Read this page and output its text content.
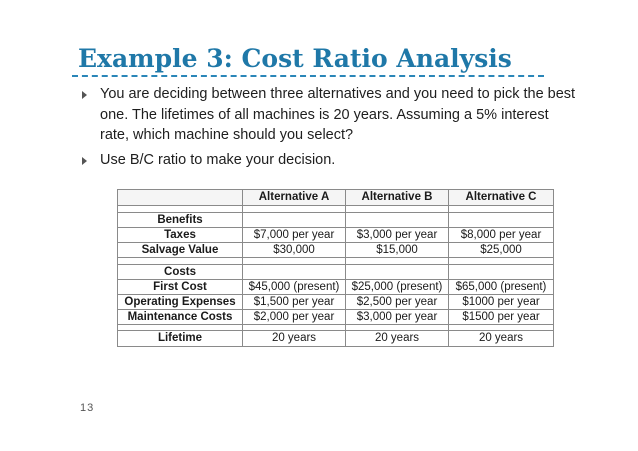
Example 3: Cost Ratio Analysis
You are deciding between three alternatives and you need to pick the best one. The lifetimes of all machines is 20 years. Assuming a 5% interest rate, which machine should you select?
Use B/C ratio to make your decision.
	Alternative A	Alternative B	Alternative C

Benefits			
Taxes	$7,000 per year	$3,000 per year	$8,000 per year
Salvage Value	$30,000	$15,000	$25,000

Costs			
First Cost	$45,000 (present)	$25,000 (present)	$65,000 (present)
Operating Expenses	$1,500 per year	$2,500 per year	$1000 per year
Maintenance Costs	$2,000 per year	$3,000 per year	$1500 per year

Lifetime	20 years	20 years	20 years
13
